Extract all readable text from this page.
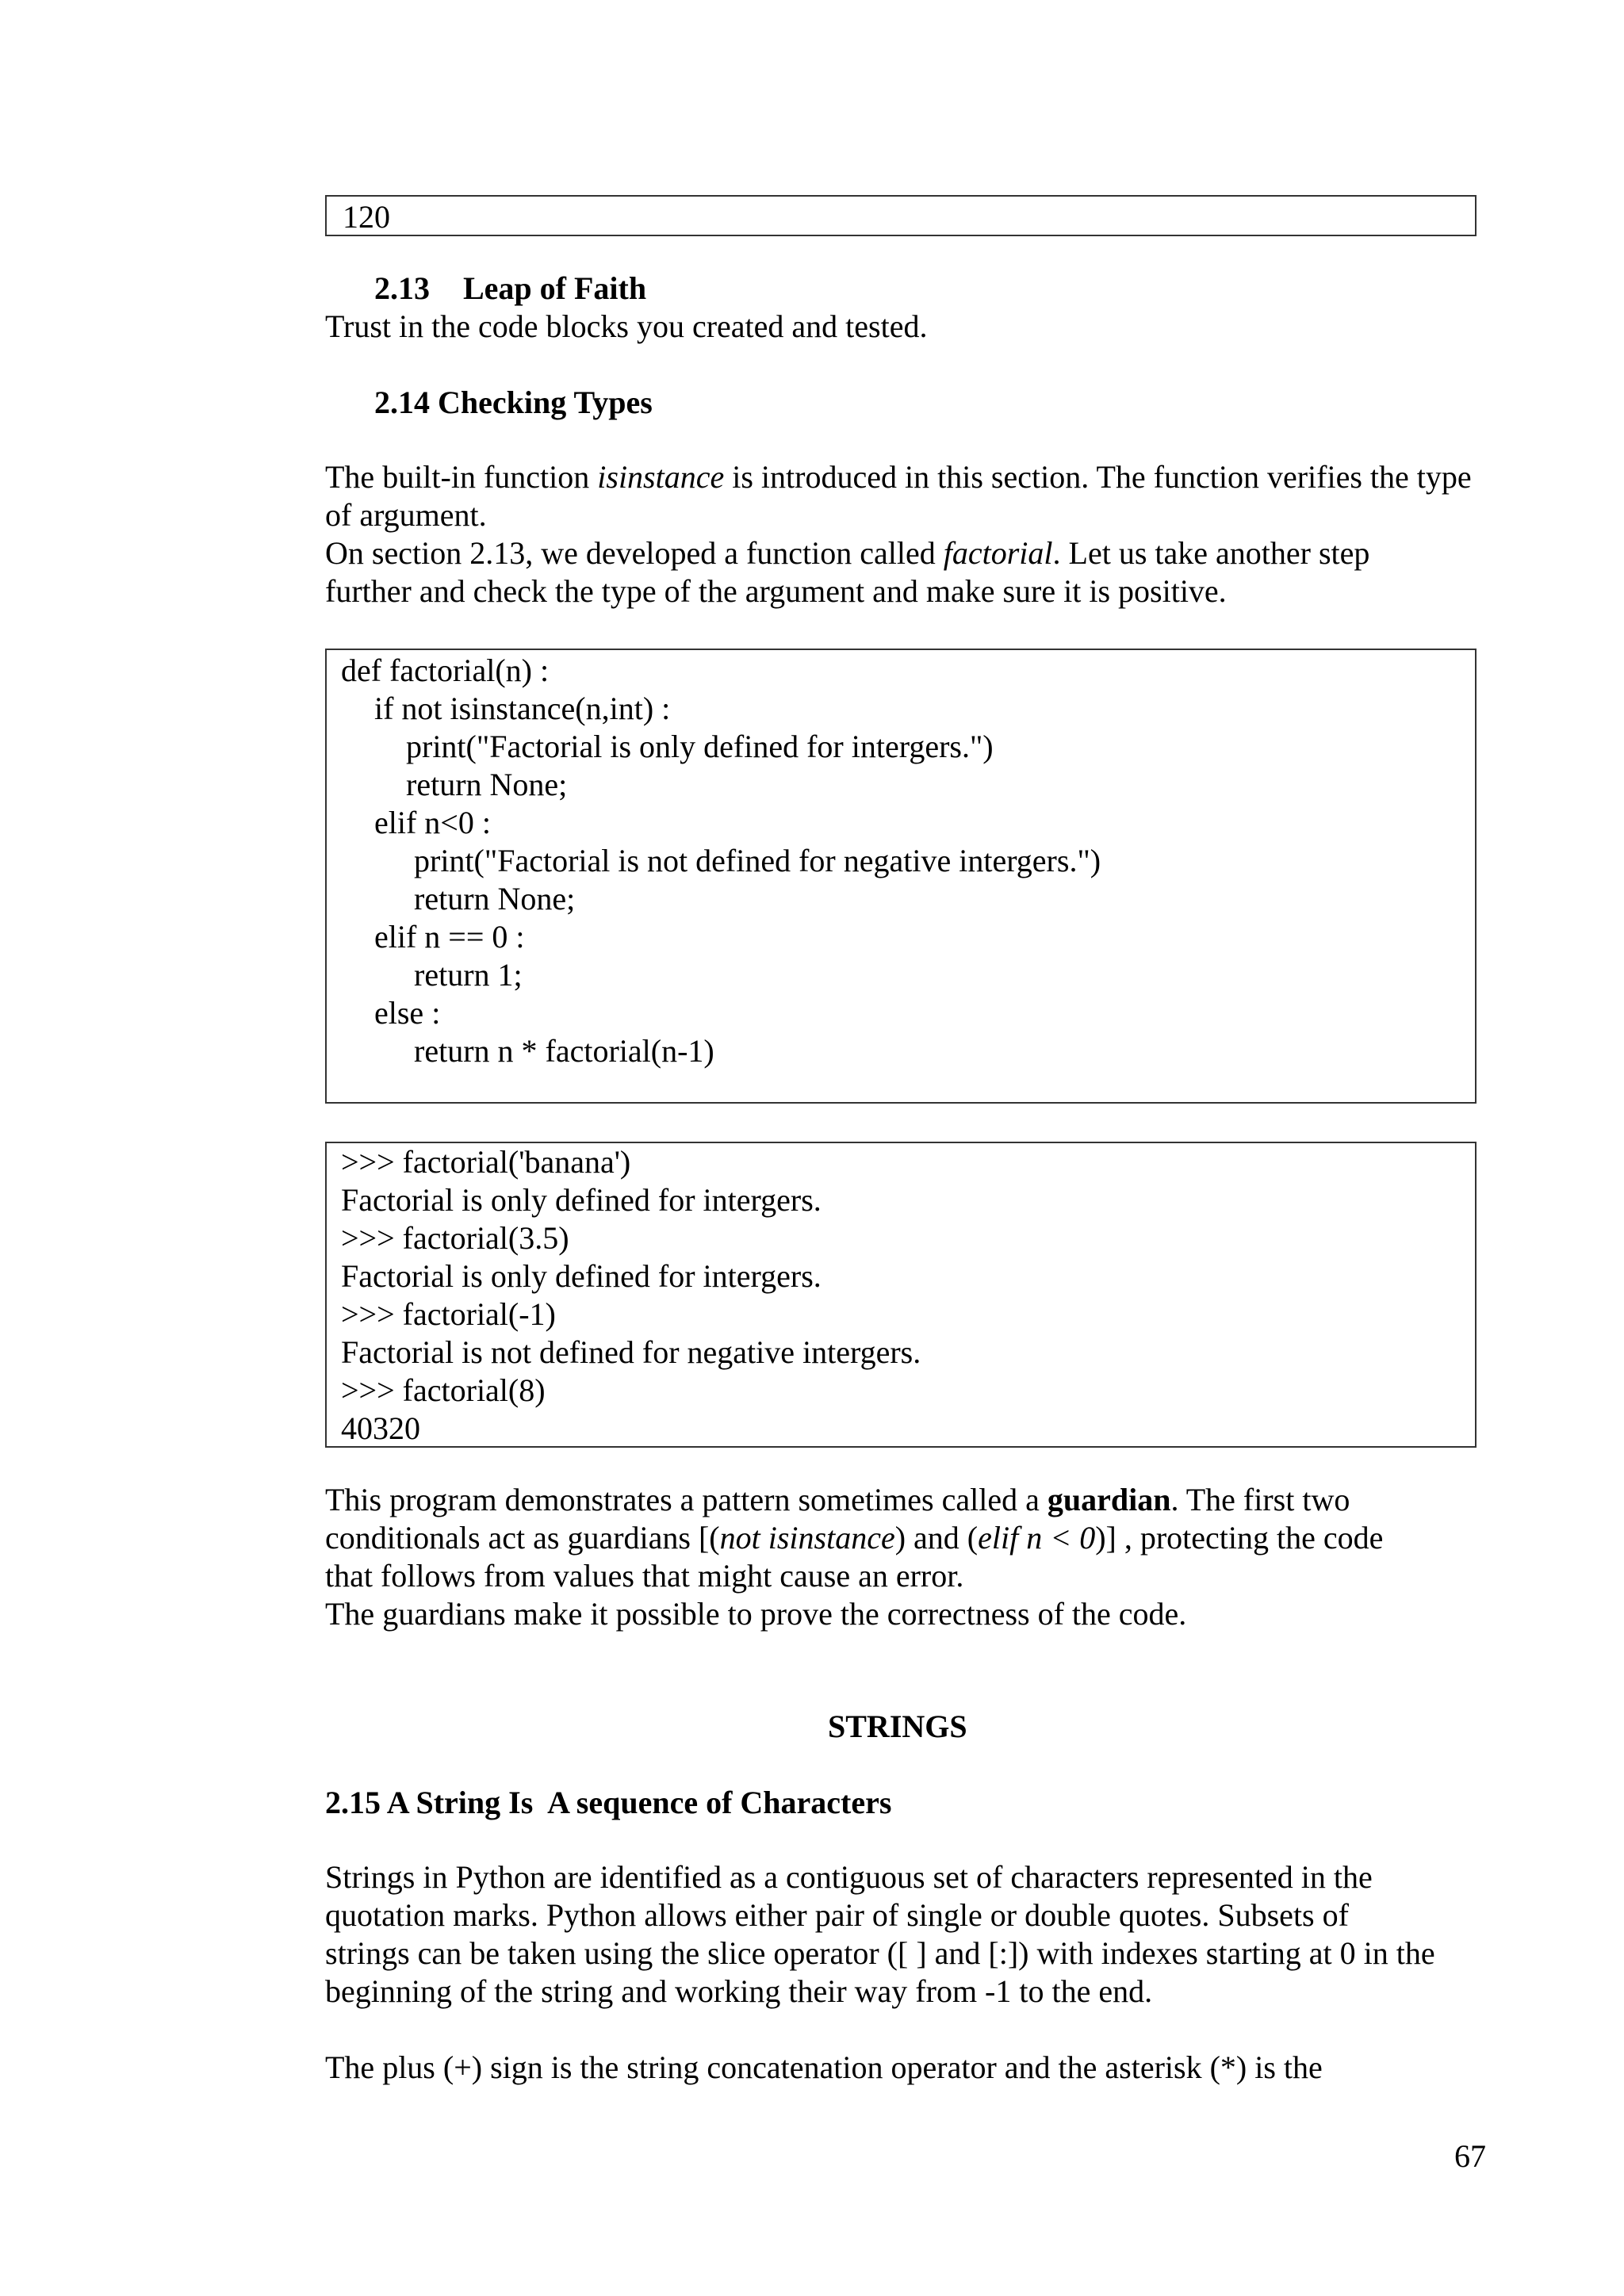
120
2.13 Leap of Faith
Trust in the code blocks you created and tested.
2.14 Checking Types
The built-in function isinstance is introduced in this section. The function verifies the type of argument.
On section 2.13, we developed a function called factorial. Let us take another step further and check the type of the argument and make sure it is positive.
def factorial(n) :
if not isinstance(n,int) :
print("Factorial is only defined for intergers.")
return None;
elif n<0 :
print("Factorial is not defined for negative intergers.")
return None;
elif n == 0 :
return 1;
else :
return n * factorial(n-1)
>>> factorial('banana')
Factorial is only defined for intergers.
>>> factorial(3.5)
Factorial is only defined for intergers.
>>> factorial(-1)
Factorial is not defined for negative intergers.
>>> factorial(8)
40320
This program demonstrates a pattern sometimes called a guardian. The first two
conditionals act as guardians [(not isinstance) and (elif n < 0)] , protecting the code
that follows from values that might cause an error.
The guardians make it possible to prove the correctness of the code.
STRINGS
2.15 A String Is  A sequence of Characters
Strings in Python are identified as a contiguous set of characters represented in the
quotation marks. Python allows either pair of single or double quotes. Subsets of
strings can be taken using the slice operator ([ ] and [:]) with indexes starting at 0 in the
beginning of the string and working their way from -1 to the end.
The plus (+) sign is the string concatenation operator and the asterisk (*) is the
67
